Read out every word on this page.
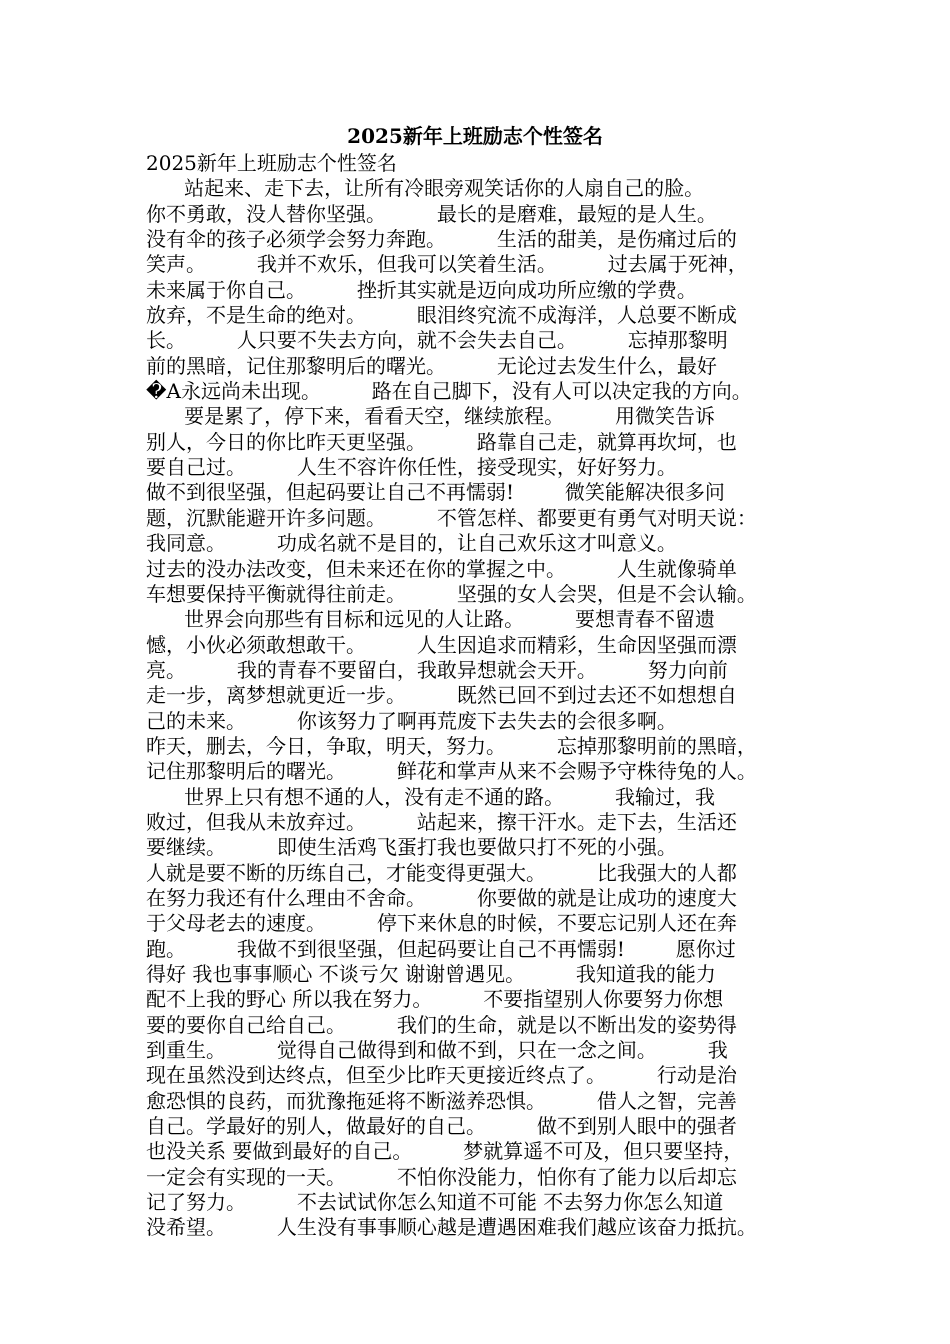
2025新年上班励志个性签名
2025新年上班励志个性签名
站起来、走下去，让所有冷眼旁观笑话你的人扇自己的脸。
你不勇敢，没人替你坚强。        最长的是磨难，最短的是人生。
没有伞的孩子必须学会努力奔跑。        生活的甜美，是伤痛过后的
笑声。        我并不欢乐，但我可以笑着生活。        过去属于死神，
未来属于你自己。        挫折其实就是迈向成功所应缴的学费。
放弃，不是生命的绝对。        眼泪终究流不成海洋，人总要不断成
长。        人只要不失去方向，就不会失去自己。        忘掉那黎明
前的黑暗，记住那黎明后的曙光。        无论过去发生什么，最好
�A永远尚未出现。        路在自己脚下，没有人可以决定我的方向。
要是累了，停下来，看看天空，继续旅程。        用微笑告诉
别人，今日的你比昨天更坚强。        路靠自己走，就算再坎坷，也
要自己过。        人生不容许你任性，接受现实，好好努力。
做不到很坚强，但起码要让自己不再懦弱!        微笑能解决很多问
题，沉默能避开许多问题。        不管怎样、都要更有勇气对明天说：
我同意。        功成名就不是目的，让自己欢乐这才叫意义。
过去的没办法改变，但未来还在你的掌握之中。        人生就像骑单
车想要保持平衡就得往前走。        坚强的女人会哭，但是不会认输。
世界会向那些有目标和远见的人让路。        要想青春不留遗
憾，小伙必须敢想敢干。        人生因追求而精彩，生命因坚强而漂
亮。        我的青春不要留白，我敢异想就会天开。        努力向前
走一步，离梦想就更近一步。        既然已回不到过去还不如想想自
己的未来。        你该努力了啊再荒废下去失去的会很多啊。
昨天，删去，今日，争取，明天，努力。        忘掉那黎明前的黑暗，
记住那黎明后的曙光。        鲜花和掌声从来不会赐予守株待兔的人。
世界上只有想不通的人，没有走不通的路。        我输过，我
败过，但我从未放弃过。        站起来，擦干汗水。走下去，生活还
要继续。        即使生活鸡飞蛋打我也要做只打不死的小强。
人就是要不断的历练自己，才能变得更强大。        比我强大的人都
在努力我还有什么理由不舍命。        你要做的就是让成功的速度大
于父母老去的速度。        停下来休息的时候，不要忘记别人还在奔
跑。        我做不到很坚强，但起码要让自己不再懦弱!        愿你过
得好 我也事事顺心 不谈亏欠 谢谢曾遇见。        我知道我的能力
配不上我的野心 所以我在努力。        不要指望别人你要努力你想
要的要你自己给自己。        我们的生命，就是以不断出发的姿势得
到重生。        觉得自己做得到和做不到，只在一念之间。        我
现在虽然没到达终点，但至少比昨天更接近终点了。        行动是治
愈恐惧的良药，而犹豫拖延将不断滋养恐惧。        借人之智，完善
自己。学最好的别人，做最好的自己。        做不到别人眼中的强者
也没关系 要做到最好的自己。        梦就算遥不可及，但只要坚持，
一定会有实现的一天。        不怕你没能力，怕你有了能力以后却忘
记了努力。        不去试试你怎么知道不可能 不去努力你怎么知道
没希望。        人生没有事事顺心越是遭遇困难我们越应该奋力抵抗。
